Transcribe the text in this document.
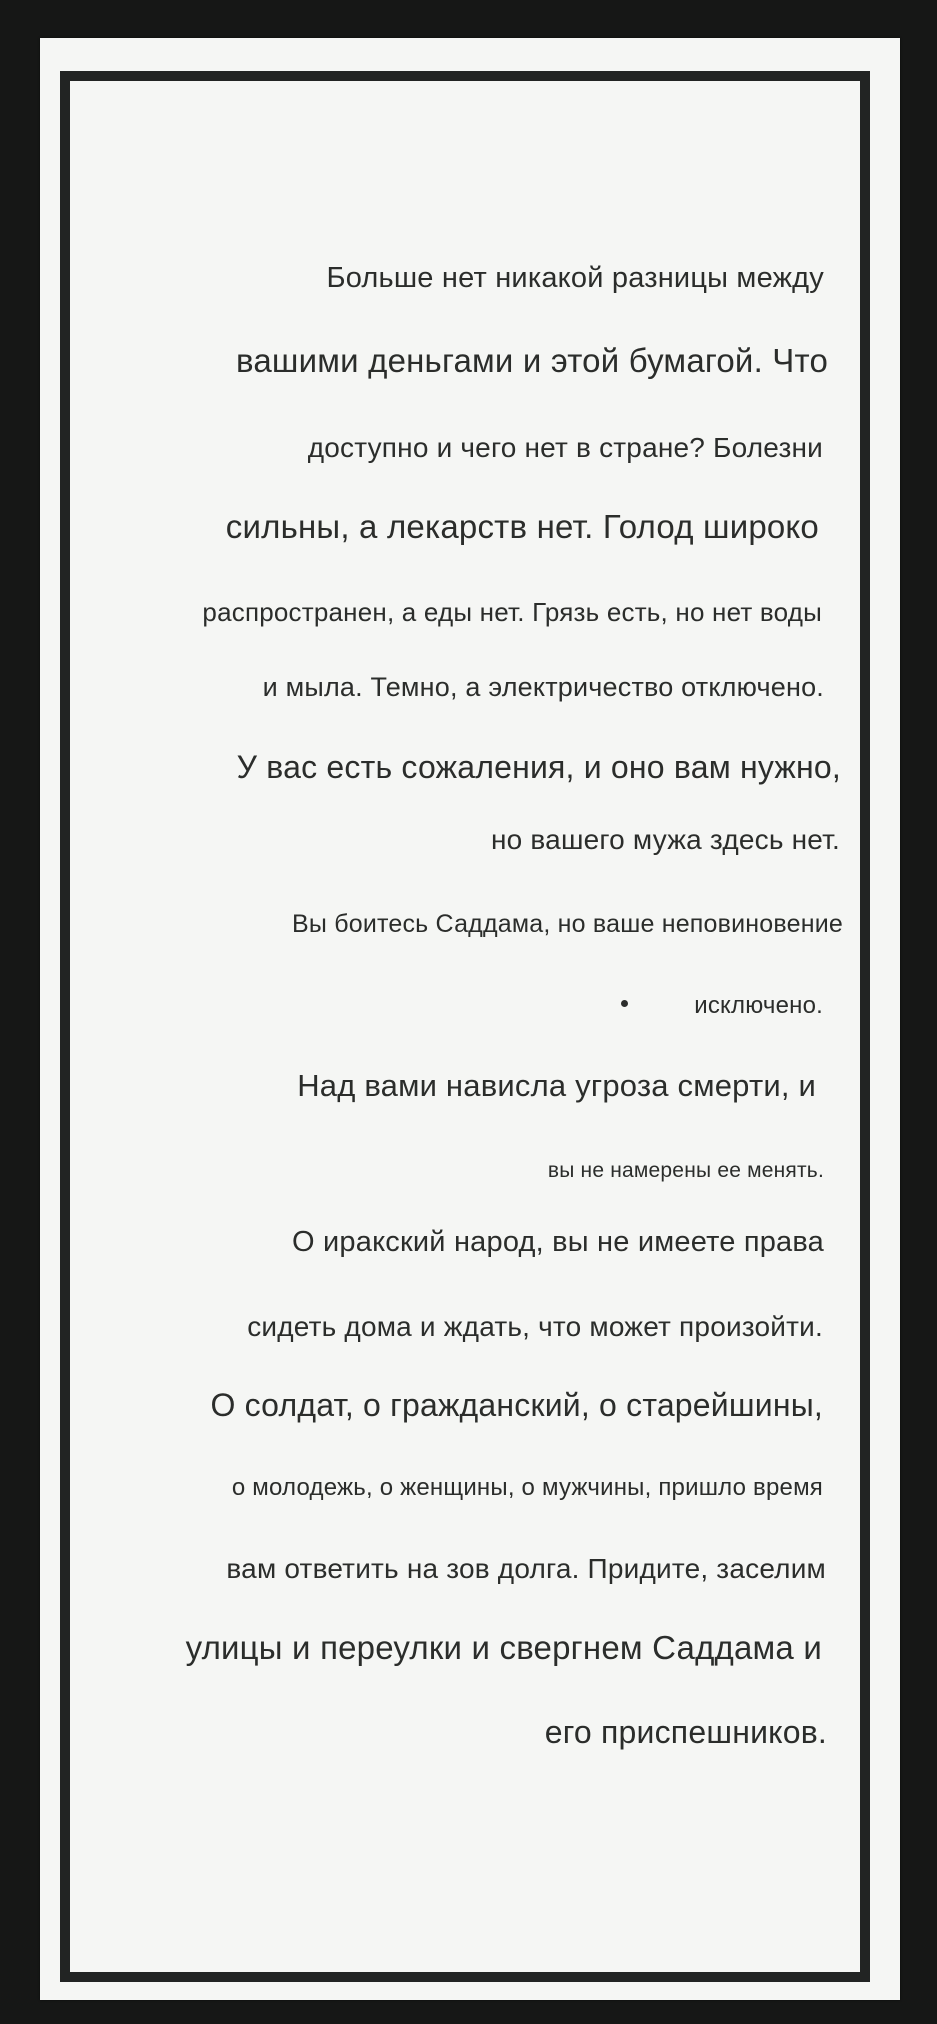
Больше нет никакой разницы между

вашими деньгами и этой бумагой. Что

доступно и чего нет в стране? Болезни

сильны, а лекарств нет. Голод широко

распространен, а еды нет. Грязь есть, но нет воды

и мыла. Темно, а электричество отключено.

У вас есть сожаления, и оно вам нужно,

но вашего мужа здесь нет.

Вы боитесь Саддама, но ваше неповиновение

исключено.

Над вами нависла угроза смерти, и

вы не намерены ее менять.

О иракский народ, вы не имеете права

сидеть дома и ждать, что может произойти.

О солдат, о гражданский, о старейшины,

о молодежь, о женщины, о мужчины, пришло время

вам ответить на зов долга. Придите, заселим

улицы и переулки и свергнем Саддама и

его приспешников.
